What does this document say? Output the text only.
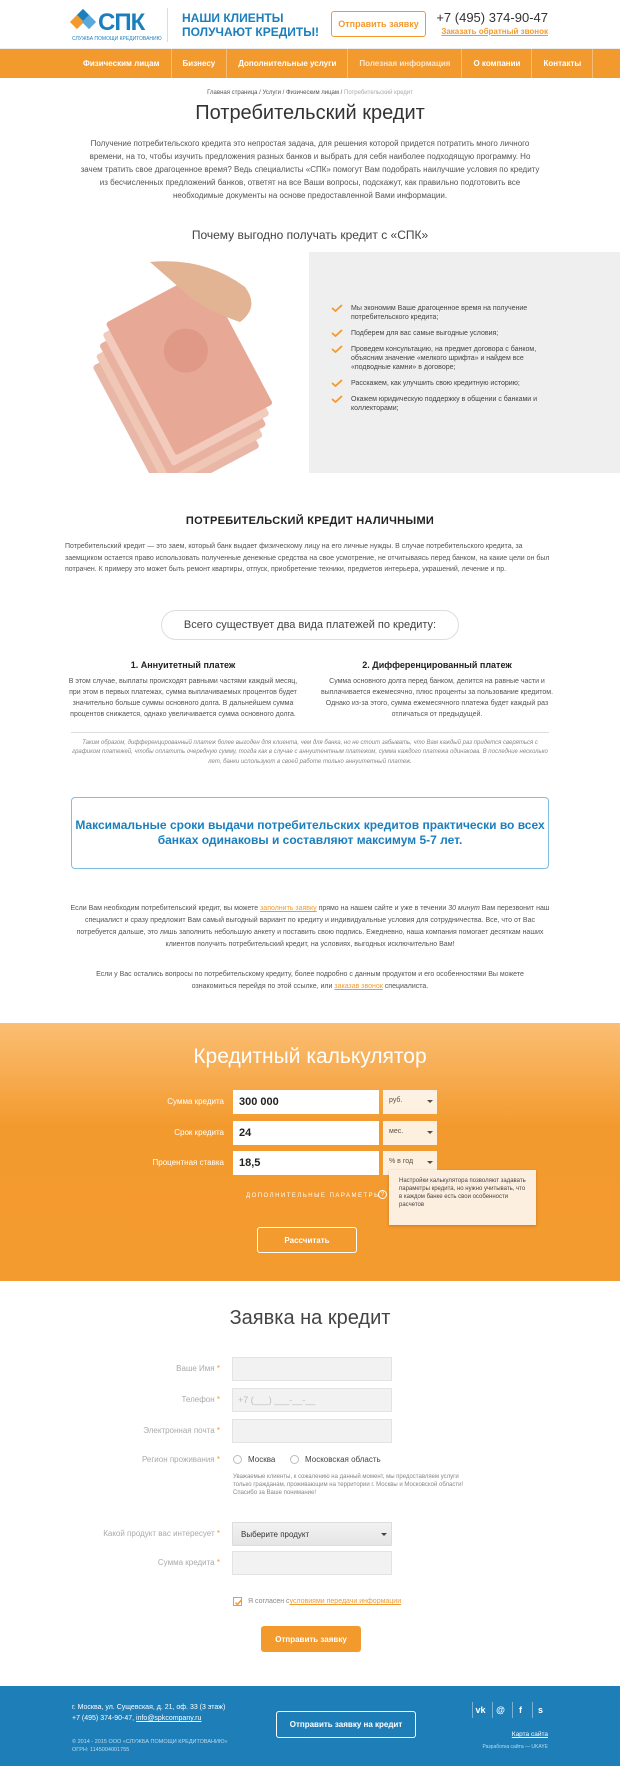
СПК
СЛУЖБА ПОМОЩИ КРЕДИТОВАНИЮ
НАШИ КЛИЕНТЫ
ПОЛУЧАЮТ КРЕДИТЫ!
Отправить заявку	+7 (495) 374-90-47
Заказать обратный звонок
Физическим лицам	Бизнесу	Дополнительные услуги	Полезная информация	О компании	Контакты
Главная страница / Услуги / Физическим лицам / Потребительский кредит
Потребительский кредит

Получение потребительского кредита это непростая задача, для решения которой придется потратить много личного времени, на то, чтобы изучить предложения разных банков и выбрать для себя наиболее подходящую программу. Но зачем тратить свое драгоценное время? Ведь специалисты «СПК» помогут Вам подобрать наилучшие условия по кредиту из бесчисленных предложений банков, ответят на все Ваши вопросы, подскажут, как правильно подготовить все необходимые документы на основе предоставленной Вами информации.

Почему выгодно получать кредит с «СПК»
Мы экономим Ваше драгоценное время на получение потребительского кредита;
Подберем для вас самые выгодные условия;
Проведем консультацию, на предмет договора с банком, объясним значение «мелкого шрифта» и найдем все «подводные камни» в договоре;
Расскажем, как улучшить свою кредитную историю;
Окажем юридическую поддержку в общении с банками и коллекторами;
ПОТРЕБИТЕЛЬСКИЙ КРЕДИТ НАЛИЧНЫМИ

Потребительский кредит — это заем, который банк выдает физическому лицу на его личные нужды. В случае потребительского кредита, за заемщиком остается право использовать полученные денежные средства на свое усмотрение, не отчитываясь перед банком, на какие цели он был потрачен. К примеру это может быть ремонт квартиры, отпуск, приобретение техники, предметов интерьера, украшений, лечение и пр.

Всего существует два вида платежей по кредиту:
1. Аннуитетный платеж

В этом случае, выплаты происходят равными частями каждый месяц, при этом в первых платежах, сумма выплачиваемых процентов будет значительно больше суммы основного долга. В дальнейшем сумма процентов снижается, однако увеличивается сумма основного долга.

2. Дифференцированный платеж

Сумма основного долга перед банком, делится на равные части и выплачивается ежемесячно, плюс проценты за пользование кредитом. Однако из-за этого, сумма ежемесячного платежа будет каждый раз отличаться от предыдущей.

Таким образом, дифференцированный платеж более выгоден для клиента, чем для банка, но не стоит забывать, что Вам каждый раз придется сверяться с графиком платежей, чтобы оплатить очередную сумму, тогда как в случае с аннуитентным платежом, сумма каждого платежа одинакова. В последние несколько лет, банки используют в своей работе только аннуитетный платеж.

Максимальные сроки выдачи потребительских кредитов практически во всех банках одинаковы и составляют максимум 5-7 лет.

Если Вам необходим потребительский кредит, вы можете заполнить заявку прямо на нашем сайте и уже в течении 30 минут Вам перезвонит наш специалист и сразу предложит Вам самый выгодный вариант по кредиту и индивидуальные условия для сотрудничества. Все, что от Вас потребуется дальше, это лишь заполнить небольшую анкету и поставить свою подпись. Ежедневно, наша компания помогает десяткам наших клиентов получить потребительский кредит, на условиях, выгодных исключительно Вам!

Если у Вас остались вопросы по потребительскому кредиту, более подробно с данным продуктом и его особенностями Вы можете ознакомиться перейдя по этой ссылке, или заказав звонок специалиста.

Кредитный калькулятор
Сумма кредита	300 000	руб.
Срок кредита	24	мес.
Процентная ставка	18,5	% в год
ДОПОЛНИТЕЛЬНЫЕ ПАРАМЕТРЫ ?
Настройки калькулятора позволяют задавать параметры кредита, но нужно учитывать, что в каждом банке есть свои особенности расчетов
Рассчитать
Заявка на кредит
Ваше Имя *
Телефон *	+7 (___) ___-__-__
Электронная почта *
Регион проживания *	Москва	Московская область
Уважаемые клиенты, к сожалению на данный момент, мы предоставляем услуги только гражданам, проживающим на территории г. Москвы и Московской области! Спасибо за Ваше понимание!
Какой продукт вас интересует *	Выберите продукт
Сумма кредита *
Я согласен с условиями передачи информации
Отправить заявку
г. Москва, ул. Сущевская, д. 21, оф. 33 (3 этаж)
+7 (495) 374-90-47, info@spkcompany.ru
© 2014 - 2015 ООО «СЛУЖБА ПОМОЩИ КРЕДИТОВАНИЮ»
ОГРН: 1145004001755
Отправить заявку на кредит
vk	@	f	s
Карта сайта
Разработка сайта — UKAYE
